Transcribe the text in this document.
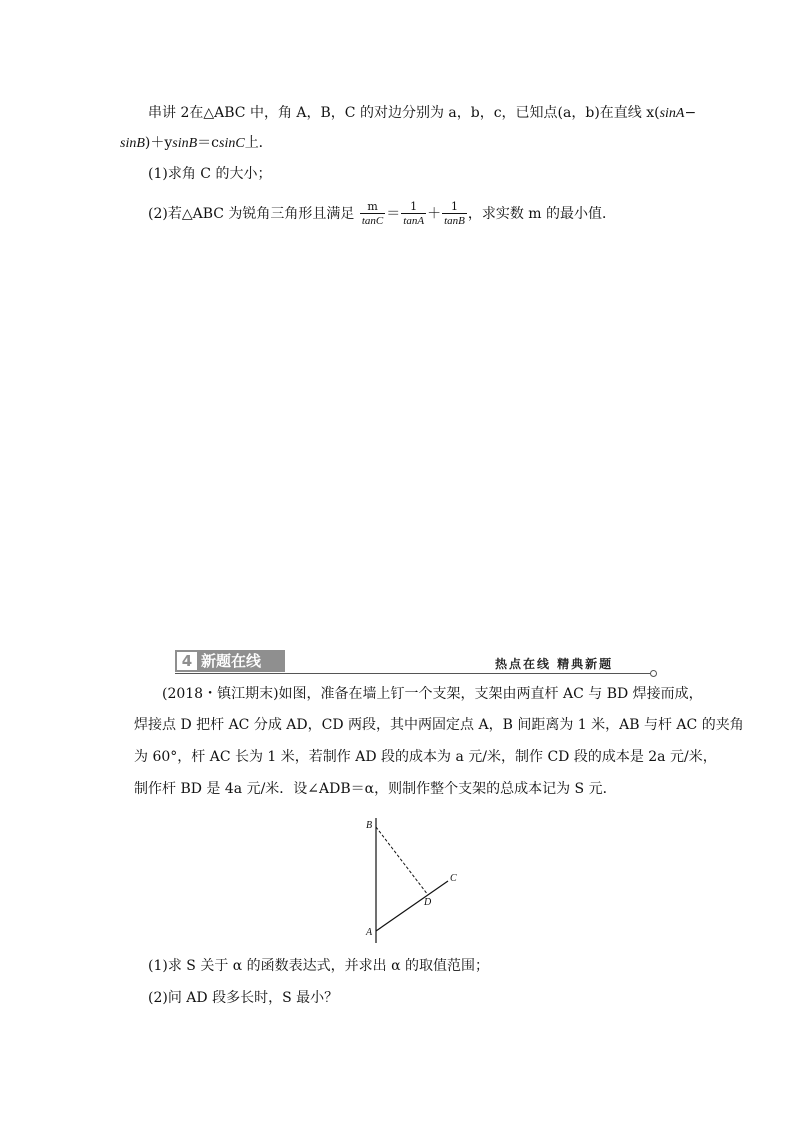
串讲 2在△ABC 中，角 A，B，C 的对边分别为 a，b，c，已知点(a，b)在直线 x(sinA−
sinB)＋ysinB＝csinC上．
(1)求角 C 的大小；
(2)若△ABC 为锐角三角形且满足 $\frac{m}{\tan C} = \frac{1}{\tan A} + \frac{1}{\tan B}$ ，求实数 m 的最小值．
4 新题在线	热点在线 精典新题
(2018・镇江期末)如图，准备在墙上钉一个支架，支架由两直杆 AC 与 BD 焊接而成，
焊接点 D 把杆 AC 分成 AD，CD 两段，其中两固定点 A，B 间距离为 1 米，AB 与杆 AC 的夹角
为 60°，杆 AC 长为 1 米，若制作 AD 段的成本为 a 元/米，制作 CD 段的成本是 2a 元/米，
制作杆 BD 是 4a 元/米．设∠ADB＝α，则制作整个支架的总成本记为 S 元．
B
C
D
A
(1)求 S 关于 α 的函数表达式，并求出 α 的取值范围；
(2)问 AD 段多长时，S 最小？
